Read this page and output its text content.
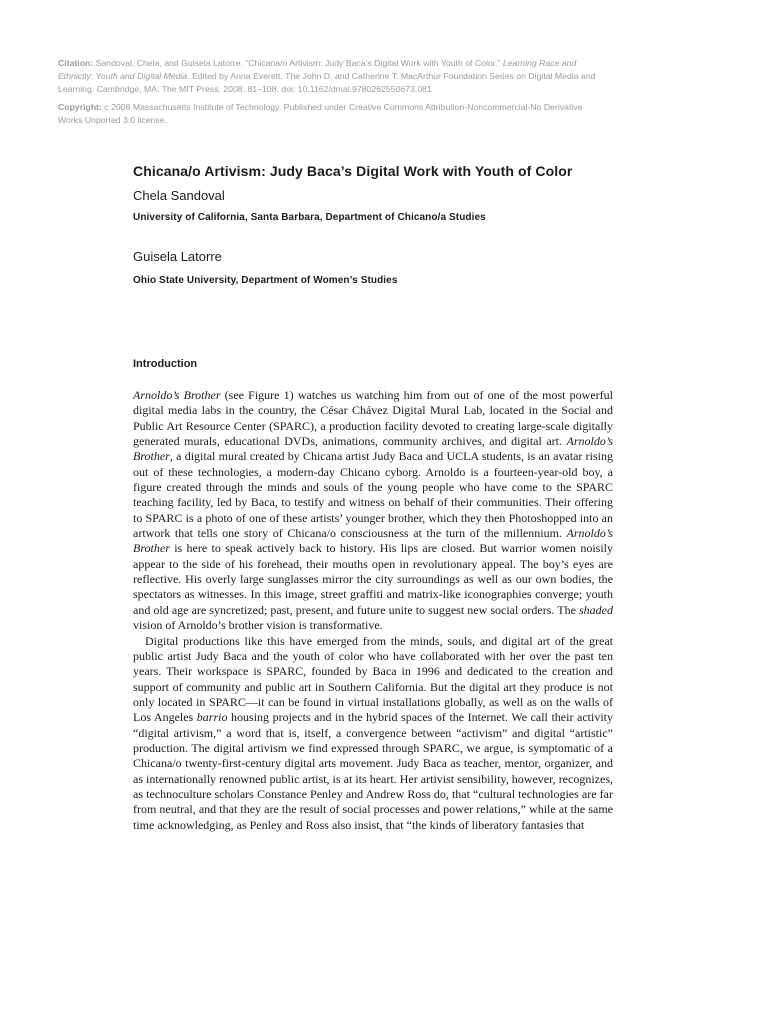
Citation: Sandoval, Chela, and Guisela Latorre. “Chicana/o Artivism: Judy Baca’s Digital Work with Youth of Color.” Learning Race and Ethnicity: Youth and Digital Media. Edited by Anna Everett. The John D. and Catherine T. MacArthur Foundation Series on Digital Media and Learning. Cambridge, MA: The MIT Press, 2008. 81–108. doi: 10.1162/dmal.9780262550673.081
Copyright: c 2008 Massachusetts Institute of Technology. Published under Creative Commons Attribution-Noncommercial-No Derivative Works Unported 3.0 license.
Chicana/o Artivism: Judy Baca’s Digital Work with Youth of Color
Chela Sandoval
University of California, Santa Barbara, Department of Chicano/a Studies
Guisela Latorre
Ohio State University, Department of Women’s Studies
Introduction

Arnoldo’s Brother (see Figure 1) watches us watching him from out of one of the most powerful digital media labs in the country, the César Chávez Digital Mural Lab, located in the Social and Public Art Resource Center (SPARC), a production facility devoted to creating large-scale digitally generated murals, educational DVDs, animations, community archives, and digital art. Arnoldo’s Brother, a digital mural created by Chicana artist Judy Baca and UCLA students, is an avatar rising out of these technologies, a modern-day Chicano cyborg. Arnoldo is a fourteen-year-old boy, a figure created through the minds and souls of the young people who have come to the SPARC teaching facility, led by Baca, to testify and witness on behalf of their communities. Their offering to SPARC is a photo of one of these artists’ younger brother, which they then Photoshopped into an artwork that tells one story of Chicana/o consciousness at the turn of the millennium. Arnoldo’s Brother is here to speak actively back to history. His lips are closed. But warrior women noisily appear to the side of his forehead, their mouths open in revolutionary appeal. The boy’s eyes are reflective. His overly large sunglasses mirror the city surroundings as well as our own bodies, the spectators as witnesses. In this image, street graffiti and matrix-like iconographies converge; youth and old age are syncretized; past, present, and future unite to suggest new social orders. The shaded vision of Arnoldo’s brother vision is transformative.

Digital productions like this have emerged from the minds, souls, and digital art of the great public artist Judy Baca and the youth of color who have collaborated with her over the past ten years. Their workspace is SPARC, founded by Baca in 1996 and dedicated to the creation and support of community and public art in Southern California. But the digital art they produce is not only located in SPARC—it can be found in virtual installations globally, as well as on the walls of Los Angeles barrio housing projects and in the hybrid spaces of the Internet. We call their activity “digital artivism,” a word that is, itself, a convergence between “activism” and digital “artistic” production. The digital artivism we find expressed through SPARC, we argue, is symptomatic of a Chicana/o twenty-first-century digital arts movement. Judy Baca as teacher, mentor, organizer, and as internationally renowned public artist, is at its heart. Her artivist sensibility, however, recognizes, as technoculture scholars Constance Penley and Andrew Ross do, that “cultural technologies are far from neutral, and that they are the result of social processes and power relations,” while at the same time acknowledging, as Penley and Ross also insist, that “the kinds of liberatory fantasies that
